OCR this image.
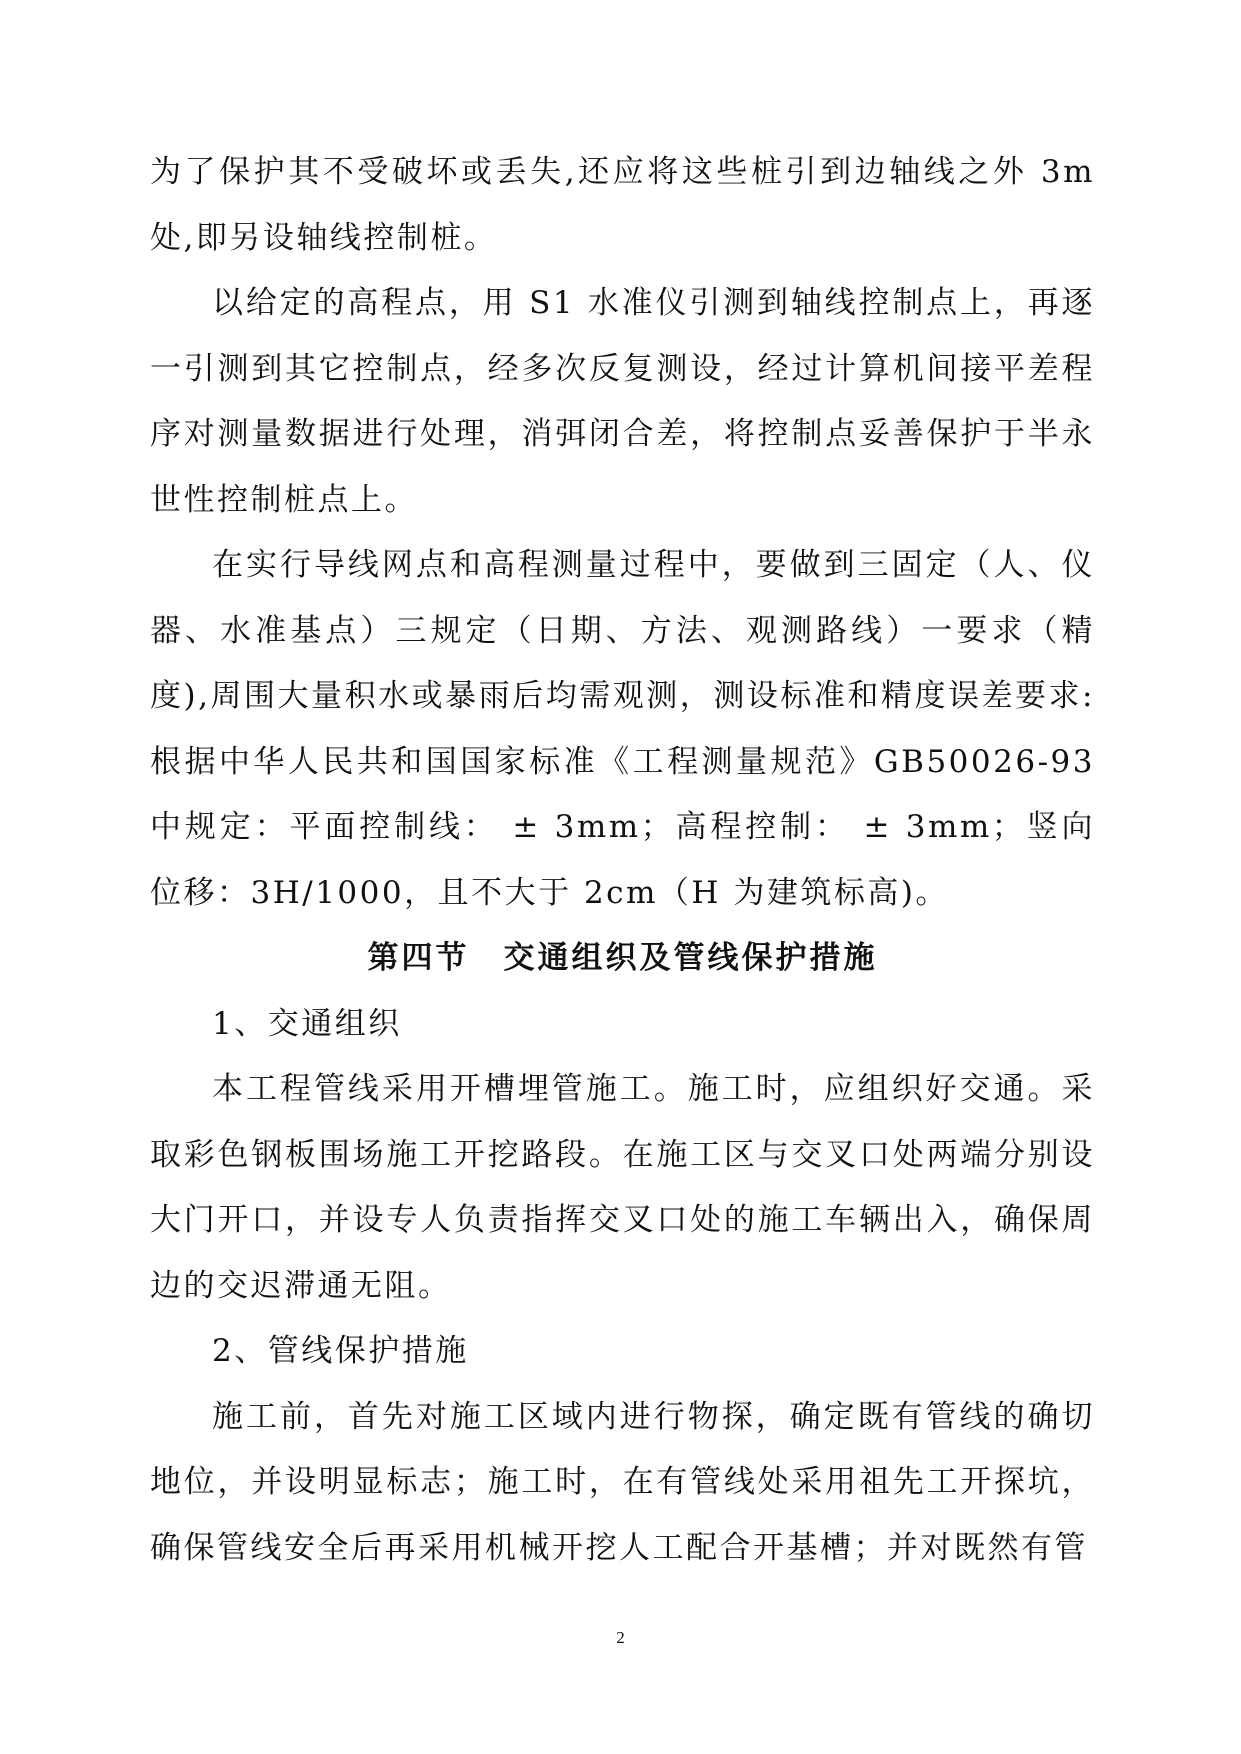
为了保护其不受破坏或丢失,还应将这些桩引到边轴线之外 3m 处,即另设轴线控制桩。

以给定的高程点，用 S1 水准仪引测到轴线控制点上，再逐一引测到其它控制点，经多次反复测设，经过计算机间接平差程序对测量数据进行处理，消弭闭合差，将控制点妥善保护于半永世性控制桩点上。

在实行导线网点和高程测量过程中，要做到三固定（人、仪器、水准基点）三规定（日期、方法、观测路线）一要求（精度),周围大量积水或暴雨后均需观测，测设标准和精度误差要求:根据中华人民共和国国家标准《工程测量规范》GB50026-93 中规定：平面控制线： ± 3mm；高程控制： ± 3mm；竖向位移：3H/1000，且不大于 2cm（H 为建筑标高)。

第四节　交通组织及管线保护措施

1、交通组织

本工程管线采用开槽埋管施工。施工时，应组织好交通。采取彩色钢板围场施工开挖路段。在施工区与交叉口处两端分别设大门开口，并设专人负责指挥交叉口处的施工车辆出入，确保周边的交迟滞通无阻。

2、管线保护措施

施工前，首先对施工区域内进行物探，确定既有管线的确切地位，并设明显标志；施工时，在有管线处采用祖先工开探坑，确保管线安全后再采用机械开挖人工配合开基槽；并对既然有管

2
